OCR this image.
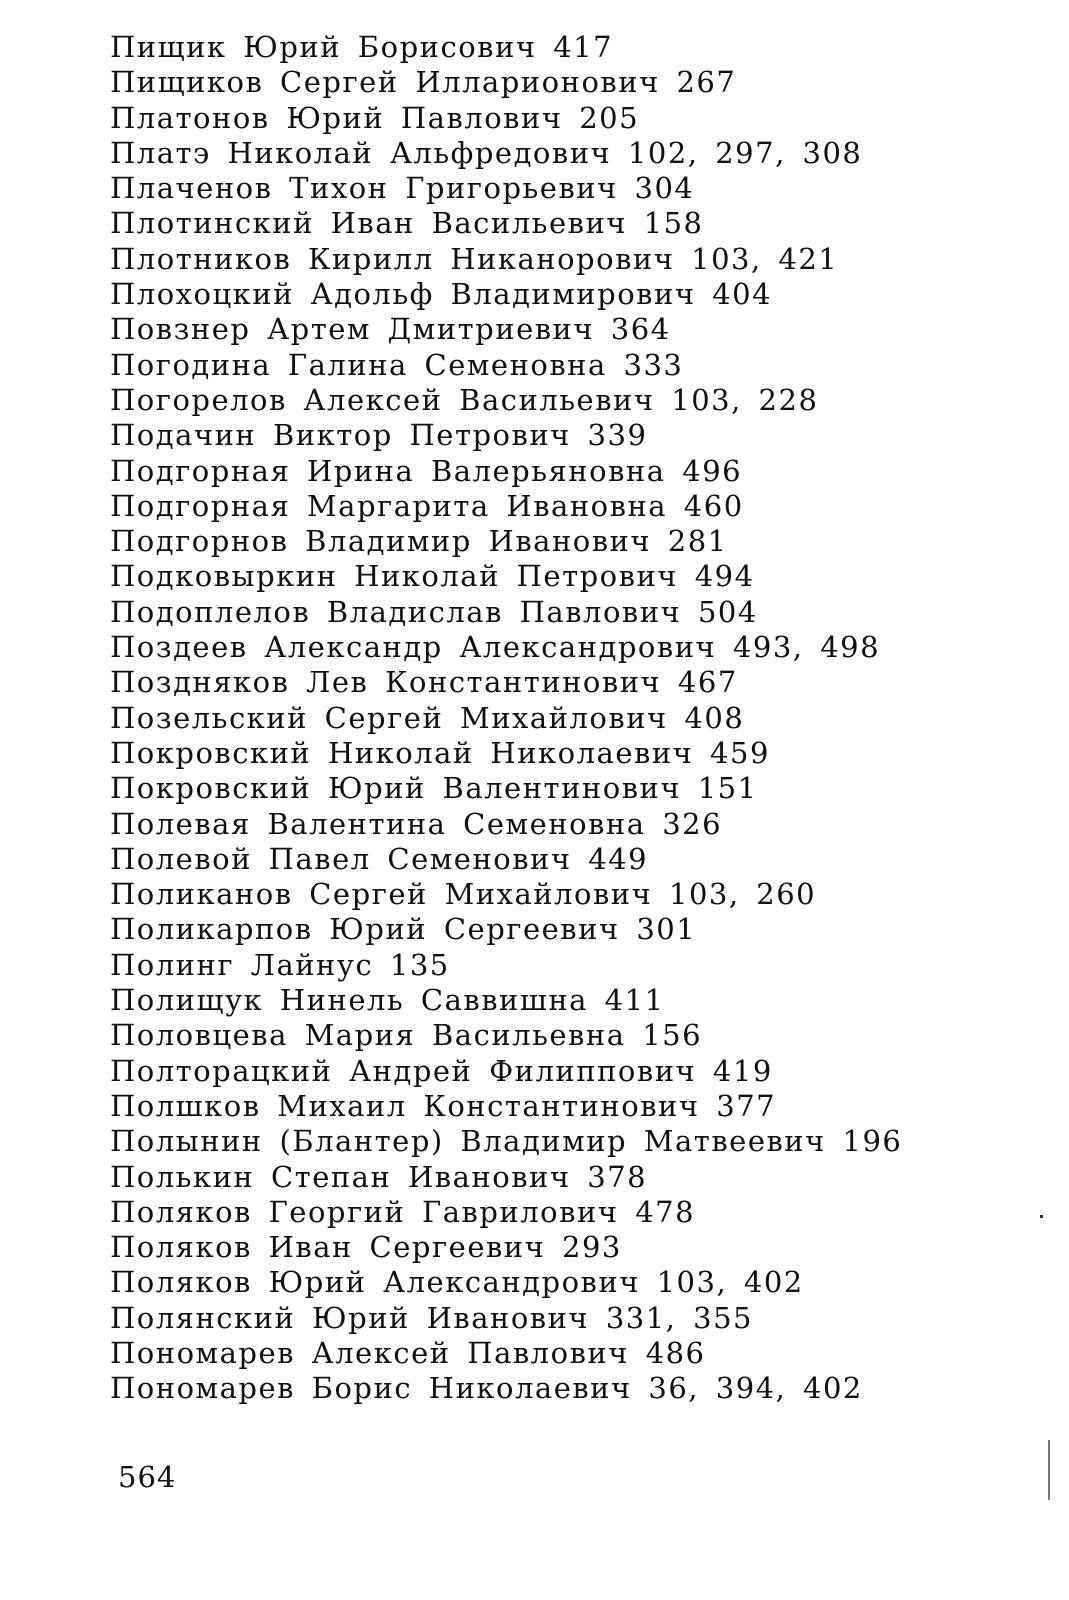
Пищик Юрий Борисович 417
Пищиков Сергей Илларионович 267
Платонов Юрий Павлович 205
Платэ Николай Альфредович 102, 297, 308
Плаченов Тихон Григорьевич 304
Плотинский Иван Васильевич 158
Плотников Кирилл Никанорович 103, 421
Плохоцкий Адольф Владимирович 404
Повзнер Артем Дмитриевич 364
Погодина Галина Семеновна 333
Погорелов Алексей Васильевич 103, 228
Подачин Виктор Петрович 339
Подгорная Ирина Валерьяновна 496
Подгорная Маргарита Ивановна 460
Подгорнов Владимир Иванович 281
Подковыркин Николай Петрович 494
Подоплелов Владислав Павлович 504
Поздеев Александр Александрович 493, 498
Поздняков Лев Константинович 467
Позельский Сергей Михайлович 408
Покровский Николай Николаевич 459
Покровский Юрий Валентинович 151
Полевая Валентина Семеновна 326
Полевой Павел Семенович 449
Поликанов Сергей Михайлович 103, 260
Поликарпов Юрий Сергеевич 301
Полинг Лайнус 135
Полищук Нинель Саввишна 411
Половцева Мария Васильевна 156
Полторацкий Андрей Филиппович 419
Полшков Михаил Константинович 377
Полынин (Блантер) Владимир Матвеевич 196
Полькин Степан Иванович 378
Поляков Георгий Гаврилович 478
Поляков Иван Сергеевич 293
Поляков Юрий Александрович 103, 402
Полянский Юрий Иванович 331, 355
Пономарев Алексей Павлович 486
Пономарев Борис Николаевич 36, 394, 402
564
